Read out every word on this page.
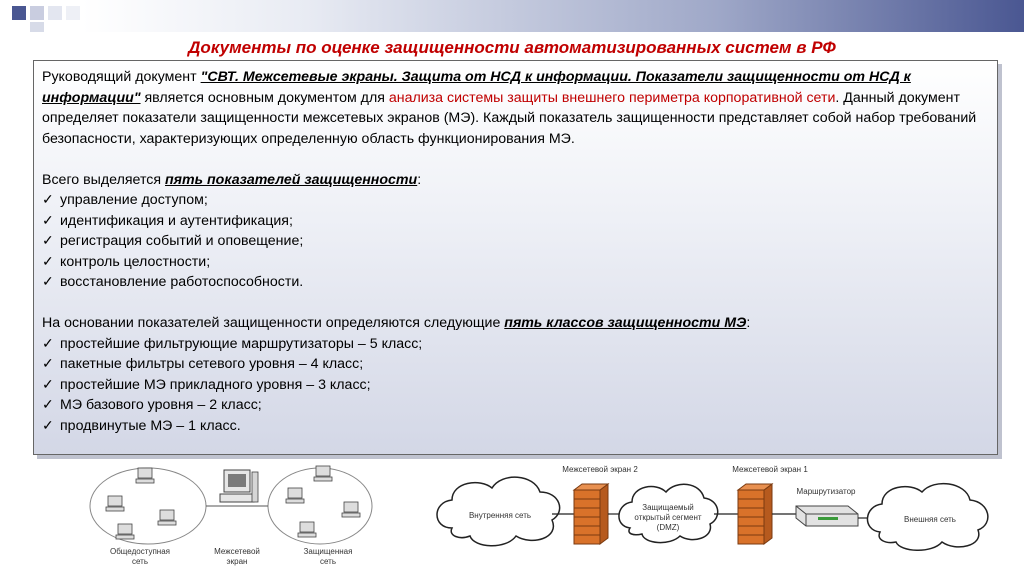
Документы по оценке защищенности автоматизированных систем в РФ

Руководящий документ "СВТ. Межсетевые экраны. Защита от НСД к информации. Показатели защищенности от НСД к информации" является основным документом для анализа системы защиты внешнего периметра корпоративной сети. Данный документ определяет показатели защищенности межсетевых экранов (МЭ). Каждый показатель защищенности представляет собой набор требований безопасности, характеризующих определенную область функционирования МЭ.

Всего выделяется пять показателей защищенности:

✓ управление доступом;
✓ идентификация и аутентификация;
✓ регистрация событий и оповещение;
✓ контроль целостности;
✓ восстановление работоспособности.

На основании показателей защищенности определяются следующие пять классов защищенности МЭ:

✓ простейшие фильтрующие маршрутизаторы – 5 класс;
✓ пакетные фильтры сетевого уровня – 4 класс;
✓ простейшие МЭ прикладного уровня – 3 класс;
✓ МЭ базового уровня – 2 класс;
✓ продвинутые МЭ – 1 класс.
Общедоступная
сеть
Межсетевой
экран
Защищенная
сеть
Внутренняя сеть
Межсетевой экран 2
Защищаемый
открытый сегмент
(DMZ)
Межсетевой экран 1
Маршрутизатор
Внешняя сеть
